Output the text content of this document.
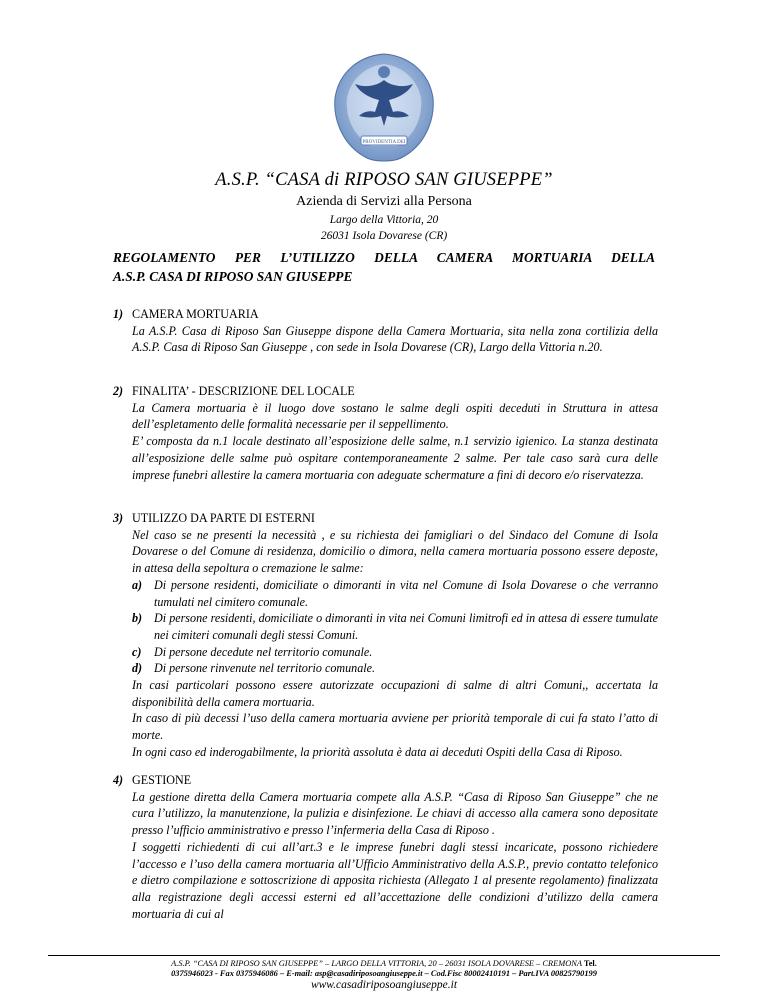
PROVIDENTIA DEI
A.S.P. “CASA di RIPOSO SAN GIUSEPPE”
Azienda di Servizi alla Persona
Largo della Vittoria, 20
26031 Isola Dovarese (CR)
REGOLAMENTO PER L’UTILIZZO DELLA CAMERA MORTUARIA DELLA
A.S.P. CASA DI RIPOSO SAN GIUSEPPE
1) CAMERA MORTUARIA

La A.S.P. Casa di Riposo San Giuseppe dispone della Camera Mortuaria, sita nella zona cortilizia della A.S.P. Casa di Riposo San Giuseppe , con sede in Isola Dovarese (CR), Largo della Vittoria n.20.

2) FINALITA’ - DESCRIZIONE DEL LOCALE

La Camera mortuaria è il luogo dove sostano le salme degli ospiti deceduti in Struttura in attesa dell’espletamento delle formalità necessarie per il seppellimento.

E’ composta da n.1 locale destinato all’esposizione delle salme, n.1 servizio igienico. La stanza destinata all’esposizione delle salme può ospitare contemporaneamente 2 salme. Per tale caso sarà cura delle imprese funebri allestire la camera mortuaria con adeguate schermature a fini di decoro e/o riservatezza.

3) UTILIZZO DA PARTE DI ESTERNI

Nel caso se ne presenti la necessità , e su richiesta dei famigliari o del Sindaco del Comune di Isola Dovarese o del Comune di residenza, domicilio o dimora, nella camera mortuaria possono essere deposte, in attesa della sepoltura o cremazione le salme:

a) Di persone residenti, domiciliate o dimoranti in vita nel Comune di Isola Dovarese o che verranno tumulati nel cimitero comunale.
b) Di persone residenti, domiciliate o dimoranti in vita nei Comuni limitrofi ed in attesa di essere tumulate nei cimiteri comunali degli stessi Comuni.
c) Di persone decedute nel territorio comunale.
d) Di persone rinvenute nel territorio comunale.

In casi particolari possono essere autorizzate occupazioni di salme di altri Comuni,, accertata la disponibilità della camera mortuaria.

In caso di più decessi l’uso della camera mortuaria avviene per priorità temporale di cui fa stato l’atto di morte.

In ogni caso ed inderogabilmente, la priorità assoluta è data ai deceduti Ospiti della Casa di Riposo.

4) GESTIONE

La gestione diretta della Camera mortuaria compete alla A.S.P. “Casa di Riposo San Giuseppe” che ne cura l’utilizzo, la manutenzione, la pulizia e disinfezione. Le chiavi di accesso alla camera sono depositate presso l’ufficio amministrativo e presso l’infermeria della Casa di Riposo .

I soggetti richiedenti di cui all’art.3 e le imprese funebri dagli stessi incaricate, possono richiedere l’accesso e l’uso della camera mortuaria all’Ufficio Amministrativo della A.S.P., previo contatto telefonico e dietro compilazione e sottoscrizione di apposita richiesta (Allegato 1 al presente regolamento) finalizzata alla registrazione degli accessi esterni ed all’accettazione delle condizioni d’utilizzo della camera mortuaria di cui al

A.S.P. “CASA DI RIPOSO SAN GIUSEPPE” – LARGO DELLA VITTORIA, 20 – 26031 ISOLA DOVARESE – CREMONA Tel.
0375946023 - Fax 0375946086 – E-mail: asp@casadiriposoangiuseppe.it – Cod.Fisc 80002410191 – Part.IVA 00825790199
www.casadiriposoangiuseppe.it
